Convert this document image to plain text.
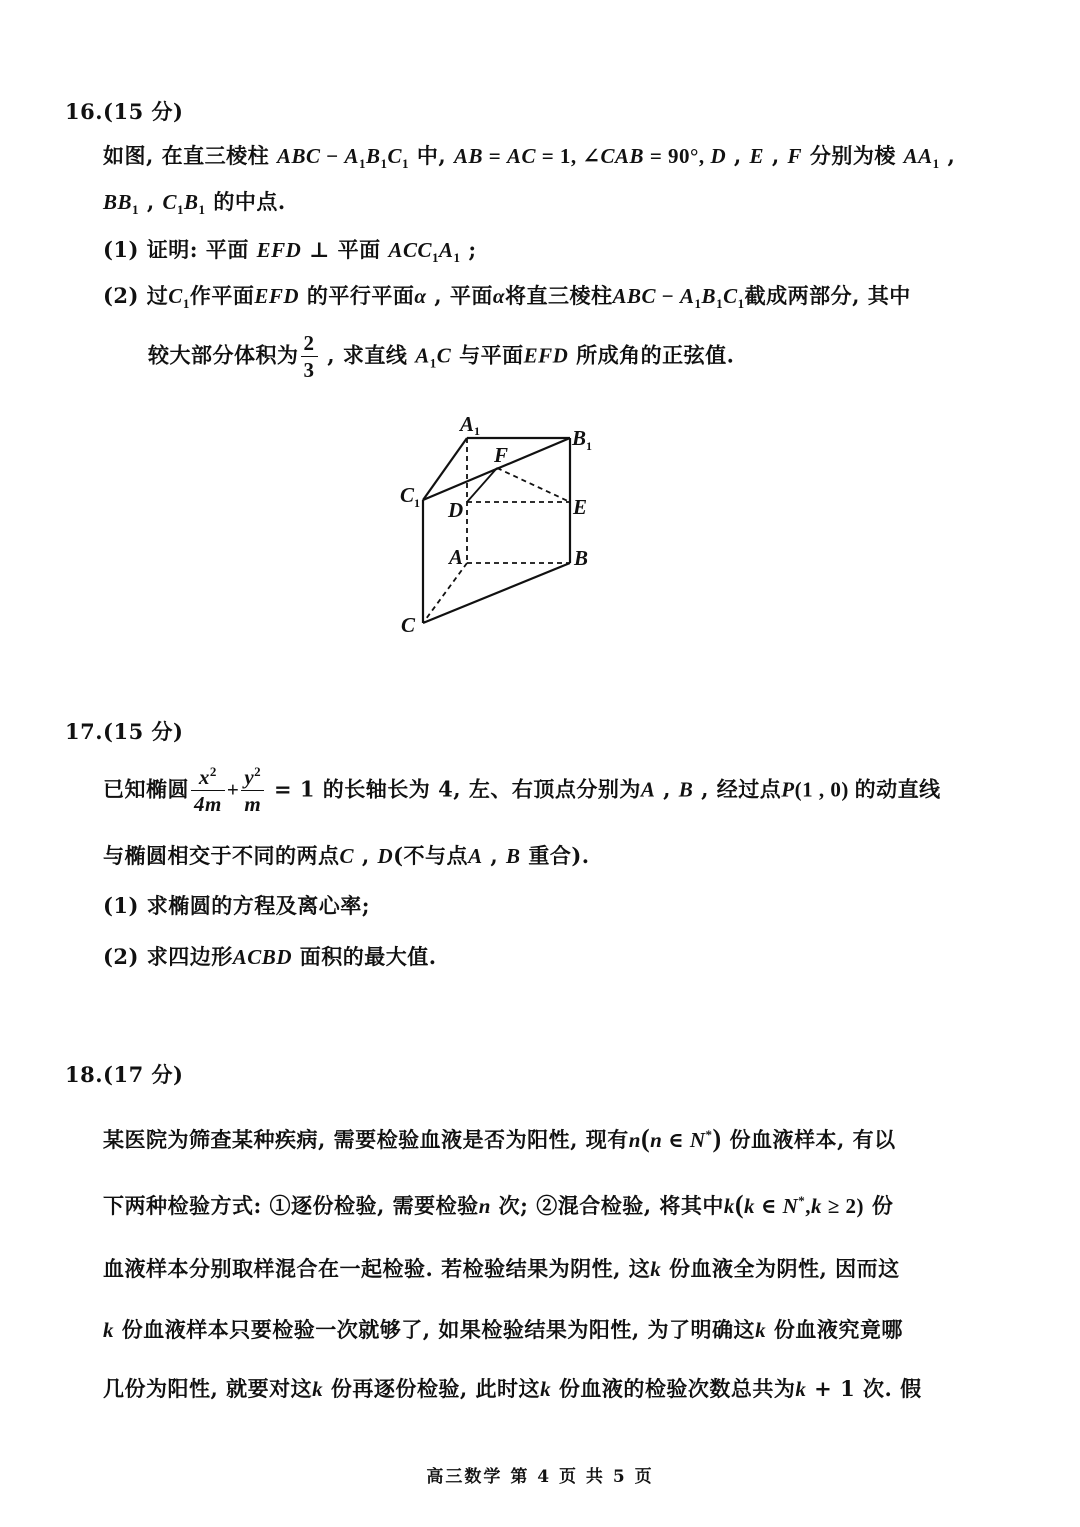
16.(15 分)
如图, 在直三棱柱 ABC − $A_1B_1C_1$ 中, AB = AC = 1, ∠CAB = 90°, D , E , F 分别为棱 $AA_1$ ,
$BB_1$ , $C_1B_1$ 的中点.
(1) 证明: 平面 EFD ⊥ 平面 $ACC_1A_1$ ;
(2) 过$C_1$作平面EFD 的平行平面α , 平面α将直三棱柱ABC − $A_1B_1C_1$截成两部分, 其中
较大部分体积为 $\frac{2}{3}$ , 求直线 $A_1C$ 与平面EFD 所成角的正弦值.
A1	$B_1$
$C_1$
F
D	E
A	B
C
17.(15 分)
已知椭圆 $\frac{x^2}{4m} + \frac{y^2}{m} = 1$ 的长轴长为 4, 左、右顶点分别为A , B , 经过点P(1 , 0) 的动直线
与椭圆相交于不同的两点C , D(不与点A , B 重合).
(1) 求椭圆的方程及离心率;
(2) 求四边形ACBD 面积的最大值.
18.(17 分)
某医院为筛查某种疾病, 需要检验血液是否为阳性, 现有n(n ∈ N*) 份血液样本, 有以
下两种检验方式: ①逐份检验, 需要检验n 次; ②混合检验, 将其中k(k ∈ N*,k ≥ 2) 份
血液样本分别取样混合在一起检验. 若检验结果为阴性, 这k 份血液全为阴性, 因而这
k 份血液样本只要检验一次就够了, 如果检验结果为阳性, 为了明确这k 份血液究竟哪
几份为阳性, 就要对这k 份再逐份检验, 此时这k 份血液的检验次数总共为k + 1 次. 假
高三数学 第 4 页 共 5 页
